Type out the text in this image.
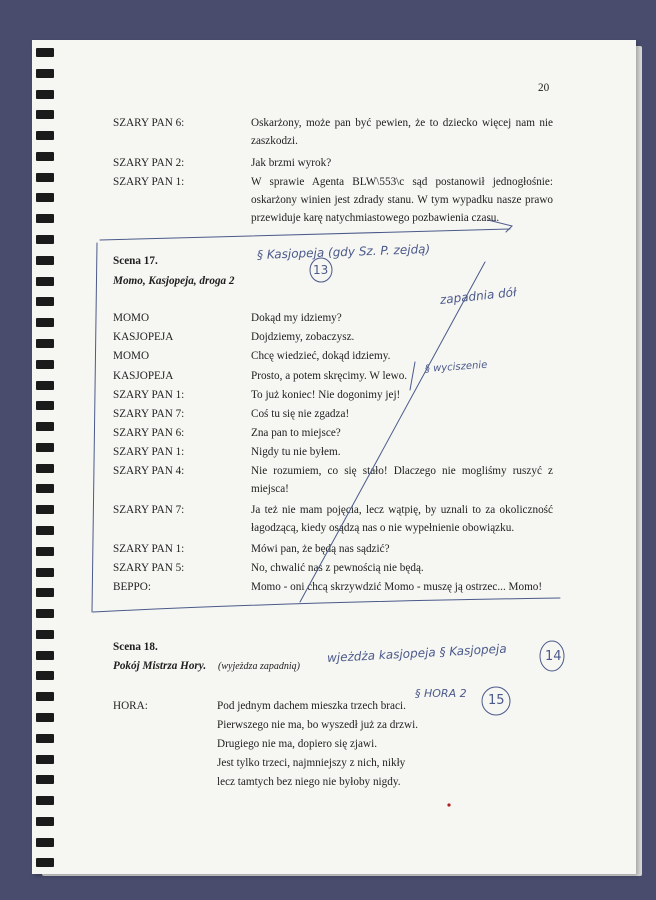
20
SZARY PAN 6:	Oskarżony, może pan być pewien, że to dziecko więcej nam nie zaszkodzi.
SZARY PAN 2:	Jak brzmi wyrok?
SZARY PAN 1:	W sprawie Agenta BLW\553\c sąd postanowił jednogłośnie: oskarżony winien jest zdrady stanu. W tym wypadku nasze prawo przewiduje karę natychmiastowego pozbawienia czasu.
Scena 17.
Momo, Kasjopeja, droga 2
MOMO	Dokąd my idziemy?
KASJOPEJA	Dojdziemy, zobaczysz.
MOMO	Chcę wiedzieć, dokąd idziemy.
KASJOPEJA	Prosto, a potem skręcimy. W lewo.
SZARY PAN 1:	To już koniec! Nie dogonimy jej!
SZARY PAN 7:	Coś tu się nie zgadza!
SZARY PAN 6:	Zna pan to miejsce?
SZARY PAN 1:	Nigdy tu nie byłem.
SZARY PAN 4:	Nie rozumiem, co się stało! Dlaczego nie mogliśmy ruszyć z miejsca!
SZARY PAN 7:	Ja też nie mam pojęcia, lecz wątpię, by uznali to za okoliczność łagodzącą, kiedy osądzą nas o nie wypełnienie obowiązku.
SZARY PAN 1:	Mówi pan, że będą nas sądzić?
SZARY PAN 5:	No, chwalić nas z pewnością nie będą.
BEPPO:	Momo - oni chcą skrzywdzić Momo - muszę ją ostrzec... Momo!
Scena 18.
Pokój Mistrza Hory. (wyjeżdza zapadnią)
HORA:	Pod jednym dachem mieszka trzech braci.
Pierwszego nie ma, bo wyszedł już za drzwi.
Drugiego nie ma, dopiero się zjawi.
Jest tylko trzeci, najmniejszy z nich, nikły
lecz tamtych bez niego nie byłoby nigdy.
§ Kasjopeja (gdy Sz. P. zejdą)
13
zapadnia dół
§ wyciszenie
wjeżdża kasjopeja § Kasjopeja	14
§ HORA 2 15
